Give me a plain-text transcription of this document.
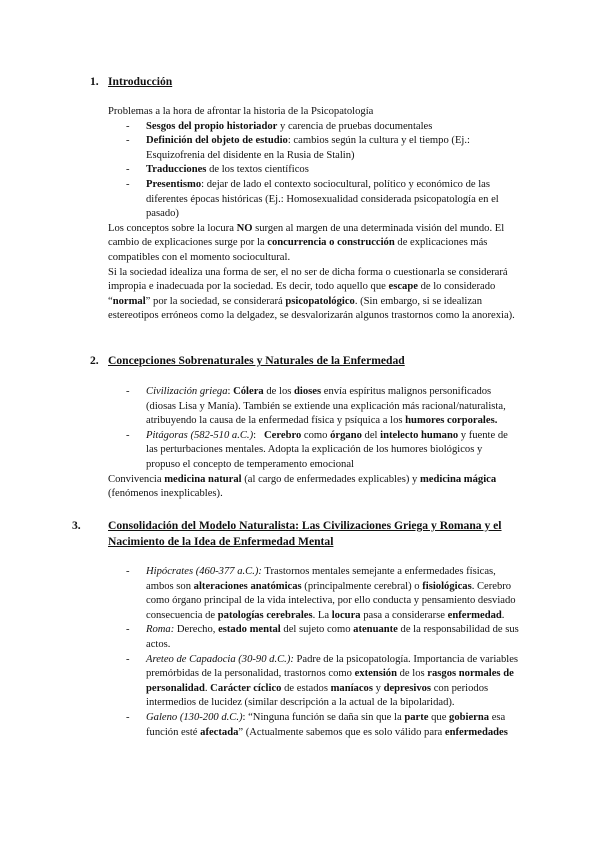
1. Introducción

Problemas a la hora de afrontar la historia de la Psicopatología

- Sesgos del propio historiador y carencia de pruebas documentales
- Definición del objeto de estudio: cambios según la cultura y el tiempo (Ej.: Esquizofrenia del disidente en la Rusia de Stalin)
- Traducciones de los textos científicos
- Presentismo: dejar de lado el contexto sociocultural, político y económico de las diferentes épocas históricas (Ej.: Homosexualidad considerada psicopatología en el pasado)

Los conceptos sobre la locura NO surgen al margen de una determinada visión del mundo. El cambio de explicaciones surge por la concurrencia o construcción de explicaciones más compatibles con el momento sociocultural.

Si la sociedad idealiza una forma de ser, el no ser de dicha forma o cuestionarla se considerará impropia e inadecuada por la sociedad. Es decir, todo aquello que escape de lo considerado “normal” por la sociedad, se considerará psicopatológico. (Sin embargo, si se idealizan estereotipos erróneos como la delgadez, se desvalorizarán algunos trastornos como la anorexia).

2. Concepciones Sobrenaturales y Naturales de la Enfermedad
- Civilización griega: Cólera de los dioses envía espíritus malignos personificados (diosas Lisa y Manía). También se extiende una explicación más racional/naturalista, atribuyendo la causa de la enfermedad física y psíquica a los humores corporales.
- Pitágoras (582-510 a.C.):   Cerebro como órgano del intelecto humano y fuente de las perturbaciones mentales. Adopta la explicación de los humores biológicos y propuso el concepto de temperamento emocional

Convivencia medicina natural (al cargo de enfermedades explicables) y medicina mágica (fenómenos inexplicables).

3. Consolidación del Modelo Naturalista: Las Civilizaciones Griega y Romana y el Nacimiento de la Idea de Enfermedad Mental
- Hipócrates (460-377 a.C.): Trastornos mentales semejante a enfermedades físicas, ambos son alteraciones anatómicas (principalmente cerebral) o fisiológicas. Cerebro como órgano principal de la vida intelectiva, por ello conducta y pensamiento desviado consecuencia de patologías cerebrales. La locura pasa a considerarse enfermedad.
- Roma: Derecho, estado mental del sujeto como atenuante de la responsabilidad de sus actos.
- Areteo de Capadocia (30-90 d.C.): Padre de la psicopatología. Importancia de variables premórbidas de la personalidad, trastornos como extensión de los rasgos normales de personalidad. Carácter cíclico de estados maníacos y depresivos con periodos intermedios de lucidez (similar descripción a la actual de la bipolaridad).
- Galeno (130-200 d.C.): “Ninguna función se daña sin que la parte que gobierna esa función esté afectada” (Actualmente sabemos que es solo válido para enfermedades
